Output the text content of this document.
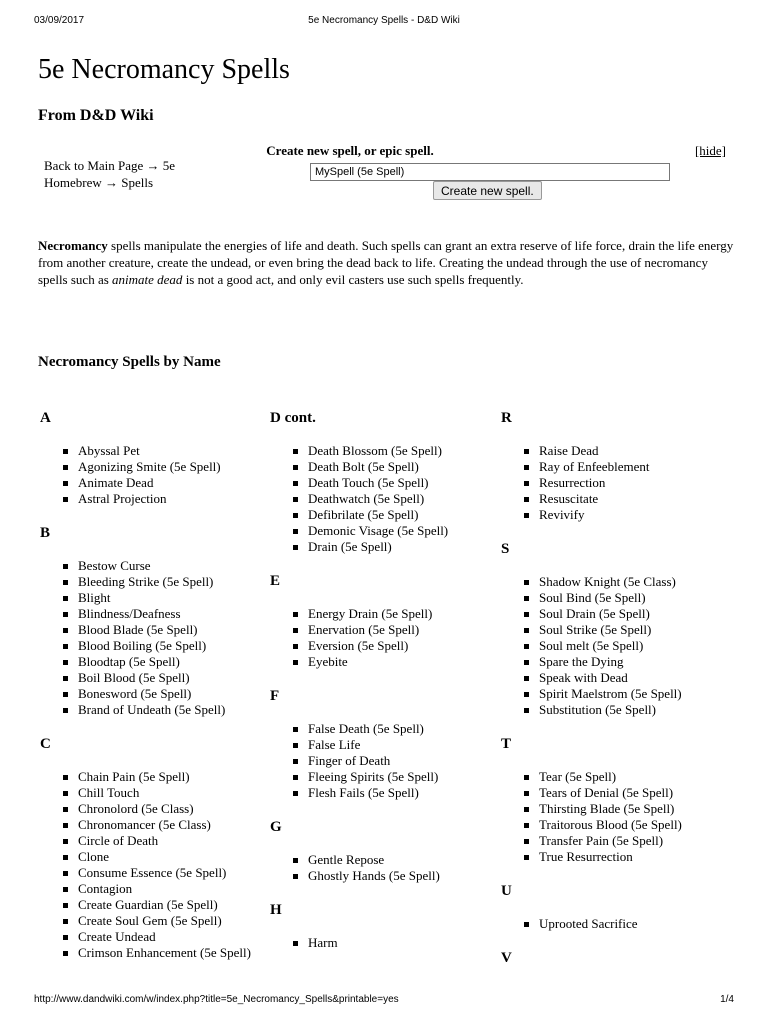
03/09/2017	5e Necromancy Spells - D&D Wiki
5e Necromancy Spells
From D&D Wiki
Back to Main Page → 5e Homebrew → Spells
Create new spell, or epic spell.	[hide]
MySpell (5e Spell)
Create new spell.

Necromancy spells manipulate the energies of life and death. Such spells can grant an extra reserve of life force, drain the life energy from another creature, create the undead, or even bring the dead back to life. Creating the undead through the use of necromancy spells such as animate dead is not a good act, and only evil casters use such spells frequently.

Necromancy Spells by Name
A
Abyssal Pet
Agonizing Smite (5e Spell)
Animate Dead
Astral Projection
B
Bestow Curse
Bleeding Strike (5e Spell)
Blight
Blindness/Deafness
Blood Blade (5e Spell)
Blood Boiling (5e Spell)
Bloodtap (5e Spell)
Boil Blood (5e Spell)
Bonesword (5e Spell)
Brand of Undeath (5e Spell)
C
Chain Pain (5e Spell)
Chill Touch
Chronolord (5e Class)
Chronomancer (5e Class)
Circle of Death
Clone
Consume Essence (5e Spell)
Contagion
Create Guardian (5e Spell)
Create Soul Gem (5e Spell)
Create Undead
Crimson Enhancement (5e Spell)
D cont.
Death Blossom (5e Spell)
Death Bolt (5e Spell)
Death Touch (5e Spell)
Deathwatch (5e Spell)
Defibrilate (5e Spell)
Demonic Visage (5e Spell)
Drain (5e Spell)
E
Energy Drain (5e Spell)
Enervation (5e Spell)
Eversion (5e Spell)
Eyebite
F
False Death (5e Spell)
False Life
Finger of Death
Fleeing Spirits (5e Spell)
Flesh Fails (5e Spell)
G
Gentle Repose
Ghostly Hands (5e Spell)
H
Harm
R
Raise Dead
Ray of Enfeeblement
Resurrection
Resuscitate
Revivify
S
Shadow Knight (5e Class)
Soul Bind (5e Spell)
Soul Drain (5e Spell)
Soul Strike (5e Spell)
Soul melt (5e Spell)
Spare the Dying
Speak with Dead
Spirit Maelstrom (5e Spell)
Substitution (5e Spell)
T
Tear (5e Spell)
Tears of Denial (5e Spell)
Thirsting Blade (5e Spell)
Traitorous Blood (5e Spell)
Transfer Pain (5e Spell)
True Resurrection
U
Uprooted Sacrifice
V
http://www.dandwiki.com/w/index.php?title=5e_Necromancy_Spells&printable=yes	1/4
